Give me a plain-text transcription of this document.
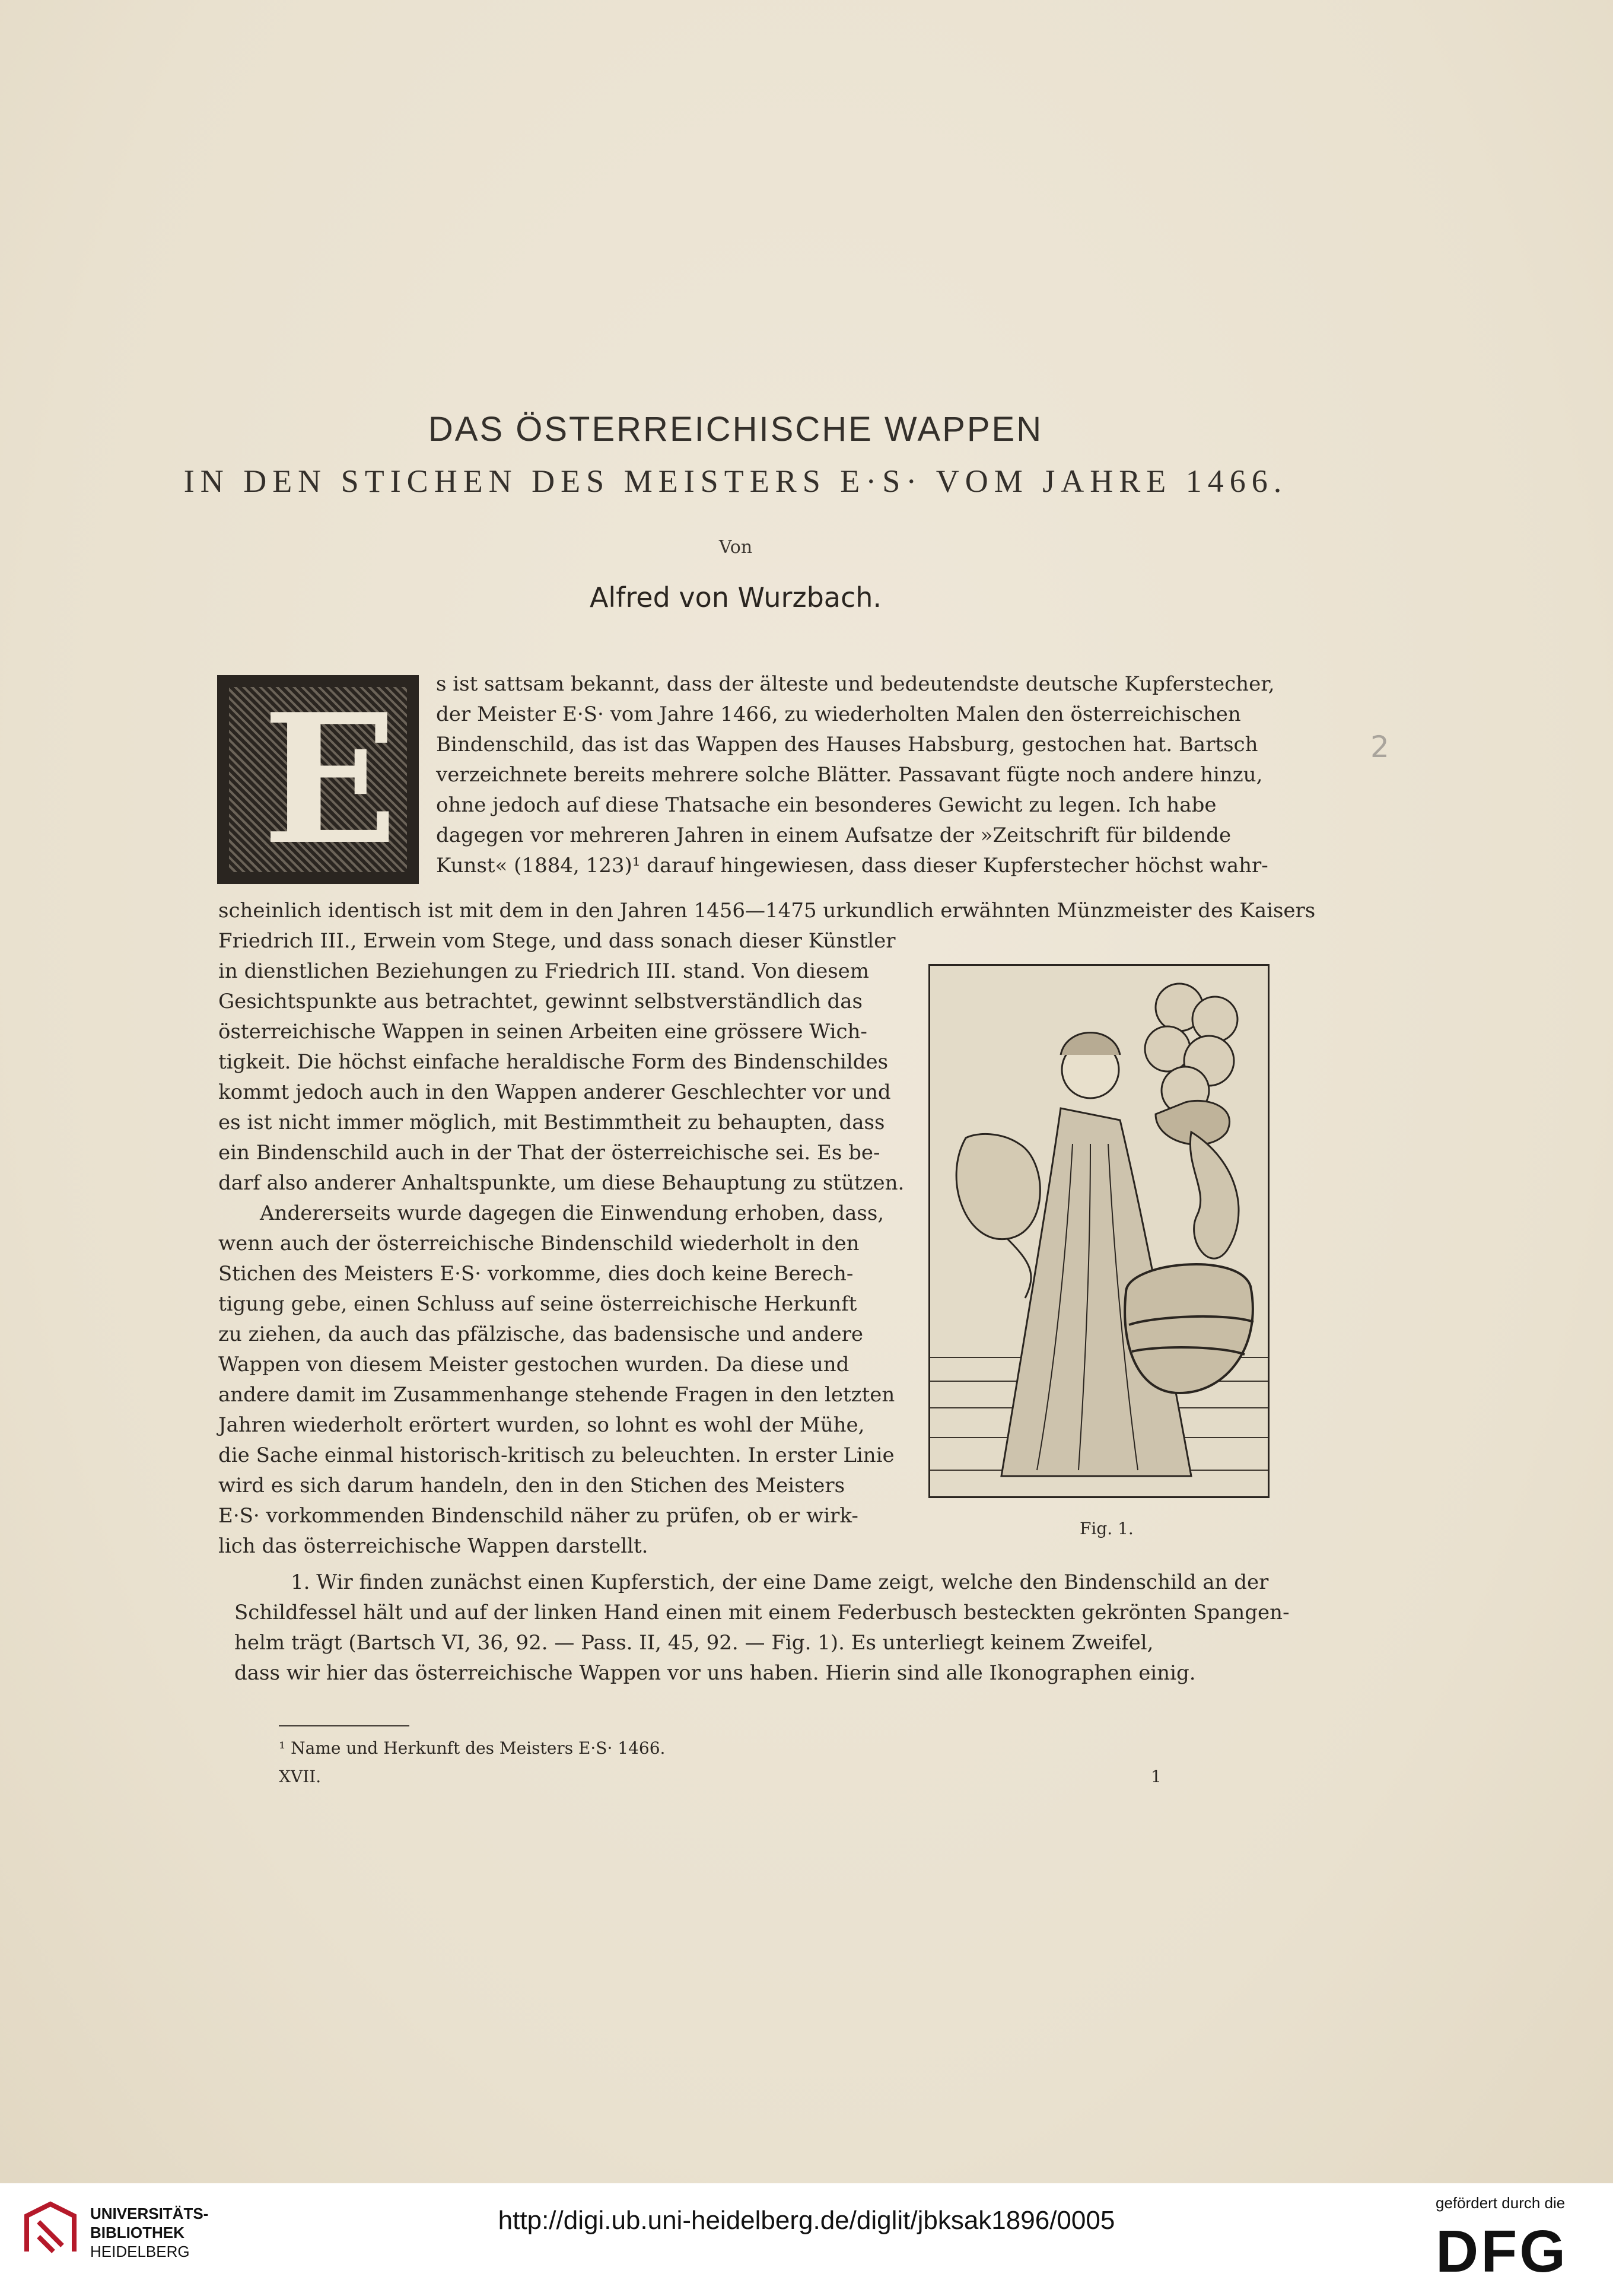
DAS ÖSTERREICHISCHE WAPPEN
IN DEN STICHEN DES MEISTERS E·S· VOM JAHRE 1466.
Von
Alfred von Wurzbach.
E	2
s ist sattsam bekannt, dass der älteste und bedeutendste deutsche Kupferstecher,
der Meister E·S· vom Jahre 1466, zu wiederholten Malen den österreichischen
Bindenschild, das ist das Wappen des Hauses Habsburg, gestochen hat. Bartsch
verzeichnete bereits mehrere solche Blätter. Passavant fügte noch andere hinzu,
ohne jedoch auf diese Thatsache ein besonderes Gewicht zu legen. Ich habe
dagegen vor mehreren Jahren in einem Aufsatze der »Zeitschrift für bildende
Kunst« (1884, 123)¹ darauf hingewiesen, dass dieser Kupferstecher höchst wahr-
scheinlich identisch ist mit dem in den Jahren 1456—1475 urkundlich erwähnten Münzmeister des Kaisers
Friedrich III., Erwein vom Stege, und dass sonach dieser Künstler
in dienstlichen Beziehungen zu Friedrich III. stand. Von diesem
Gesichtspunkte aus betrachtet, gewinnt selbstverständlich das
österreichische Wappen in seinen Arbeiten eine grössere Wich-
tigkeit. Die höchst einfache heraldische Form des Bindenschildes
kommt jedoch auch in den Wappen anderer Geschlechter vor und
es ist nicht immer möglich, mit Bestimmtheit zu behaupten, dass
ein Bindenschild auch in der That der österreichische sei. Es be-
darf also anderer Anhaltspunkte, um diese Behauptung zu stützen.
Andererseits wurde dagegen die Einwendung erhoben, dass,
wenn auch der österreichische Bindenschild wiederholt in den
Stichen des Meisters E·S· vorkomme, dies doch keine Berech-
tigung gebe, einen Schluss auf seine österreichische Herkunft
zu ziehen, da auch das pfälzische, das badensische und andere
Wappen von diesem Meister gestochen wurden. Da diese und
andere damit im Zusammenhange stehende Fragen in den letzten
Jahren wiederholt erörtert wurden, so lohnt es wohl der Mühe,
die Sache einmal historisch-kritisch zu beleuchten. In erster Linie
wird es sich darum handeln, den in den Stichen des Meisters
E·S· vorkommenden Bindenschild näher zu prüfen, ob er wirk-
lich das österreichische Wappen darstellt.
Fig. 1.
1. Wir finden zunächst einen Kupferstich, der eine Dame zeigt, welche den Bindenschild an der
Schildfessel hält und auf der linken Hand einen mit einem Federbusch besteckten gekrönten Spangen-
helm trägt (Bartsch VI, 36, 92. — Pass. II, 45, 92. — Fig. 1). Es unterliegt keinem Zweifel,
dass wir hier das österreichische Wappen vor uns haben. Hierin sind alle Ikonographen einig.
¹ Name und Herkunft des Meisters E·S· 1466.
XVII.	1
UNIVERSITÄTS-
BIBLIOTHEK
HEIDELBERG
http://digi.ub.uni-heidelberg.de/diglit/jbksak1896/0005
gefördert durch die
DFG
